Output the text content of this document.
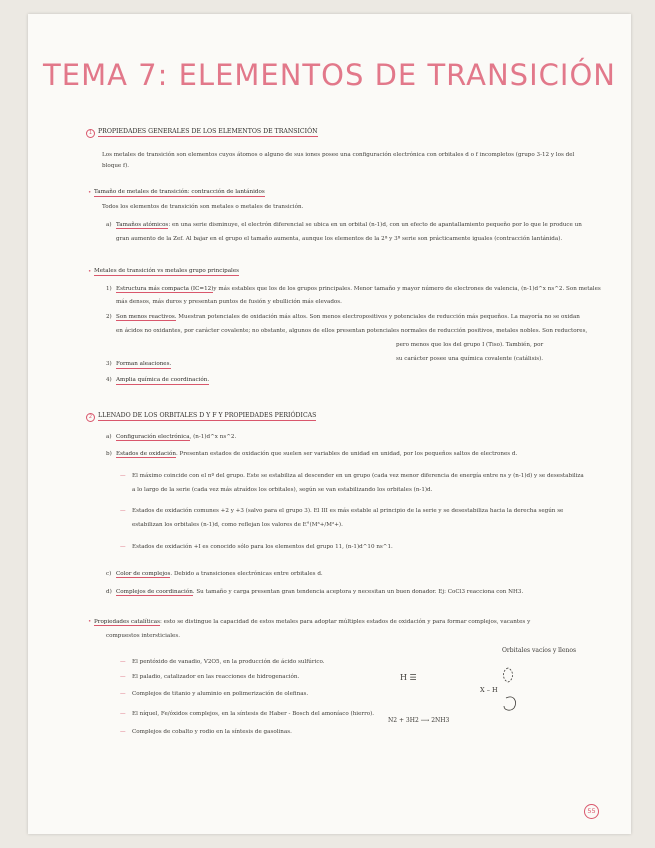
TEMA 7: ELEMENTOS DE TRANSICIÓN
1 PROPIEDADES GENERALES DE LOS ELEMENTOS DE TRANSICIÓN
Los metales de transición son elementos cuyos átomos o alguno de sus iones posee una configuración electrónica con orbitales d o f incompletos (grupo 3-12 y los del
bloque f).
• Tamaño de metales de transición: contracción de lantánidos
Todos los elementos de transición son metales o metales de transición.
a) Tamaños atómicos: en una serie disminuye, el electrón diferencial se ubica en un orbital (n-1)d, con un efecto de apantallamiento pequeño por lo que le produce un
gran aumento de la Zef. Al bajar en el grupo el tamaño aumenta, aunque los elementos de la 2ª y 3ª serie son prácticamente iguales (contracción lantánida).
• Metales de transición vs metales grupo principales
1) Estructura más compacta (IC=12)y más estables que los de los grupos principales. Menor tamaño y mayor número de electrones de valencia, (n-1)d^x ns^2. Son metales
más densos, más duros y presentan puntos de fusión y ebullición más elevados.
2) Son menos reactivos. Muestran potenciales de oxidación más altos. Son menos electropositivos y potenciales de reducción más pequeños. La mayoría no se oxidan
en ácidos no oxidantes, por carácter covalente; no obstante, algunos de ellos presentan potenciales normales de reducción positivos, metales nobles. Son reductores,
pero menos que los del grupo I (Tiso). También, por
su carácter posee una química covalente (catálisis).
3) Forman aleaciones.
4) Amplia química de coordinación.
2 LLENADO DE LOS ORBITALES D Y F Y PROPIEDADES PERIÓDICAS
a) Configuración electrónica, (n-1)d^x ns^2.
b) Estados de oxidación. Presentan estados de oxidación que suelen ser variables de unidad en unidad, por los pequeños saltos de electrones d.
— El máximo coincide con el nº del grupo. Este se estabiliza al descender en un grupo (cada vez menor diferencia de energía entre ns y (n-1)d) y se desestabiliza
a lo largo de la serie (cada vez más atraídos los orbitales), según se van estabilizando los orbitales (n-1)d.
— Estados de oxidación comunes +2 y +3 (salvo para el grupo 3). El III es más estable al principio de la serie y se desestabiliza hacia la derecha según se
estabilizan los orbitales (n-1)d, como reflejan los valores de E°(M³+/M²+).
— Estados de oxidación +I es conocido sólo para los elementos del grupo 11, (n-1)d^10 ns^1.
c) Color de complejos. Debido a transiciones electrónicas entre orbitales d.
d) Complejos de coordinación. Su tamaño y carga presentan gran tendencia aceptora y necesitan un buen donador. Ej: CoCl3 reacciona con NH3.
• Propiedades catalíticas: esto se distingue la capacidad de estos metales para adoptar múltiples estados de oxidación y para formar complejos, vacantes y
compuestos intersticiales.
— El pentóxido de vanadio, V2O5, en la producción de ácido sulfúrico.
— El paladio, catalizador en las reacciones de hidrogenación.
— Complejos de titanio y aluminio en polimerización de olefinas.
— El níquel, Fe/óxidos complejos, en la síntesis de Haber - Bosch del amoníaco (hierro).
— Complejos de cobalto y rodio en la síntesis de gasolinas.
Orbitales vacíos y llenos
H ☰
X – H
N2 + 3H2 ⟶ 2NH3
55
